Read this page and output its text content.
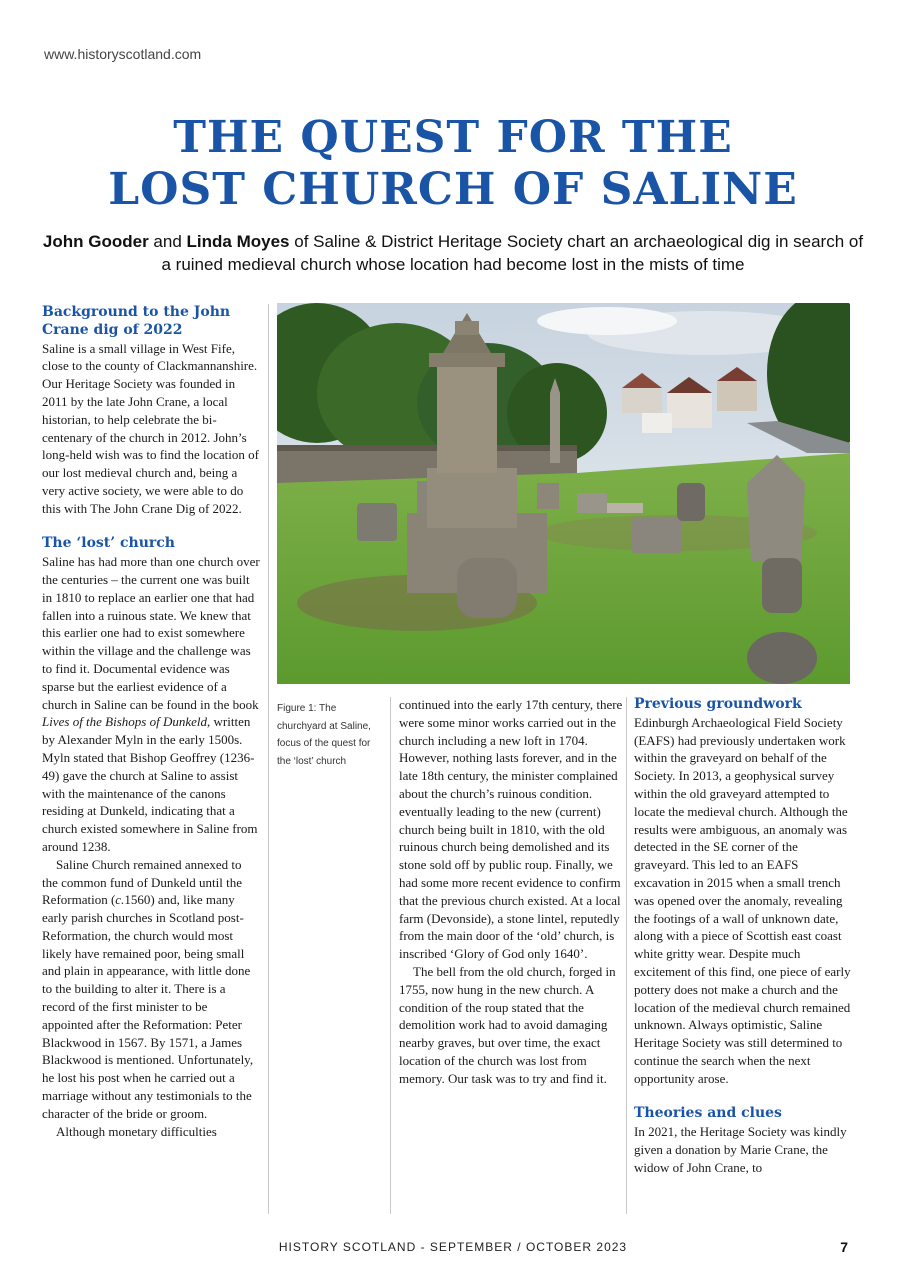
www.historyscotland.com
THE QUEST FOR THE
LOST CHURCH OF SALINE

John Gooder and Linda Moyes of Saline & District Heritage Society chart an archaeological dig in search of a ruined medieval church whose location had become lost in the mists of time

Background to the John Crane dig of 2022

Saline is a small village in West Fife, close to the county of Clackmannanshire. Our Heritage Society was founded in 2011 by the late John Crane, a local historian, to help celebrate the bi-centenary of the church in 2012. John’s long-held wish was to find the location of our lost medieval church and, being a very active society, we were able to do this with The John Crane Dig of 2022.

The ‘lost’ church

Saline has had more than one church over the centuries – the current one was built in 1810 to replace an earlier one that had fallen into a ruinous state. We knew that this earlier one had to exist somewhere within the village and the challenge was to find it. Documental evidence was sparse but the earliest evidence of a church in Saline can be found in the book Lives of the Bishops of Dunkeld, written by Alexander Myln in the early 1500s. Myln stated that Bishop Geoffrey (1236-49) gave the church at Saline to assist with the maintenance of the canons residing at Dunkeld, indicating that a church existed somewhere in Saline from around 1238.

Saline Church remained annexed to the common fund of Dunkeld until the Reformation (c.1560) and, like many early parish churches in Scotland post-Reformation, the church would most likely have remained poor, being small and plain in appearance, with little done to the building to alter it. There is a record of the first minister to be appointed after the Reformation: Peter Blackwood in 1567. By 1571, a James Blackwood is mentioned. Unfortunately, he lost his post when he carried out a marriage without any testimonials to the character of the bride or groom.

Although monetary difficulties

Figure 1: The churchyard at Saline, focus of the quest for the ‘lost’ church

continued into the early 17th century, there were some minor works carried out in the church including a new loft in 1704. However, nothing lasts forever, and in the late 18th century, the minister complained about the church’s ruinous condition. eventually leading to the new (current) church being built in 1810, with the old ruinous church being demolished and its stone sold off by public roup. Finally, we had some more recent evidence to confirm that the previous church existed. At a local farm (Devonside), a stone lintel, reputedly from the main door of the ‘old’ church, is inscribed ‘Glory of God only 1640’.

The bell from the old church, forged in 1755, now hung in the new church. A condition of the roup stated that the demolition work had to avoid damaging nearby graves, but over time, the exact location of the church was lost from memory. Our task was to try and find it.

Previous groundwork

Edinburgh Archaeological Field Society (EAFS) had previously undertaken work within the graveyard on behalf of the Society. In 2013, a geophysical survey within the old graveyard attempted to locate the medieval church. Although the results were ambiguous, an anomaly was detected in the SE corner of the graveyard. This led to an EAFS excavation in 2015 when a small trench was opened over the anomaly, revealing the footings of a wall of unknown date, along with a piece of Scottish east coast white gritty wear. Despite much excitement of this find, one piece of early pottery does not make a church and the location of the medieval church remained unknown. Always optimistic, Saline Heritage Society was still determined to continue the search when the next opportunity arose.

Theories and clues

In 2021, the Heritage Society was kindly given a donation by Marie Crane, the widow of John Crane, to

HISTORY SCOTLAND - SEPTEMBER / OCTOBER 2023	7
